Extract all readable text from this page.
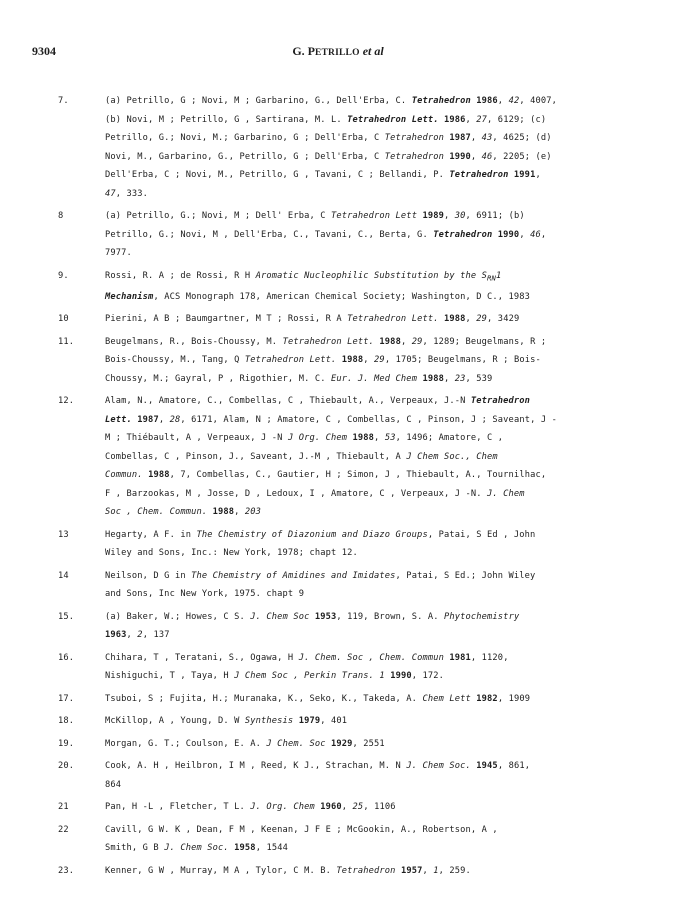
9304	G. PETRILLO et al
7.	(a) Petrillo, G ; Novi, M ; Garbarino, G., Dell'Erba, C. Tetrahedron 1986, 42, 4007,
(b) Novi, M ; Petrillo, G , Sartirana, M. L. Tetrahedron Lett. 1986, 27, 6129; (c)
Petrillo, G.; Novi, M.; Garbarino, G ; Dell'Erba, C Tetrahedron 1987, 43, 4625; (d)
Novi, M., Garbarino, G., Petrillo, G ; Dell'Erba, C Tetrahedron 1990, 46, 2205; (e)
Dell'Erba, C ; Novi, M., Petrillo, G , Tavani, C ; Bellandi, P. Tetrahedron 1991,
47, 333.
8	(a) Petrillo, G.; Novi, M ; Dell' Erba, C Tetrahedron Lett 1989, 30, 6911; (b)
Petrillo, G.; Novi, M , Dell'Erba, C., Tavani, C., Berta, G. Tetrahedron 1990, 46,
7977.
9.	Rossi, R. A ; de Rossi, R H Aromatic Nucleophilic Substitution by the $S_{RN}1$
Mechanism, ACS Monograph 178, American Chemical Society; Washington, D C., 1983
10	Pierini, A B ; Baumgartner, M T ; Rossi, R A Tetrahedron Lett. 1988, 29, 3429
11.	Beugelmans, R., Bois-Choussy, M. Tetrahedron Lett. 1988, 29, 1289; Beugelmans, R ;
Bois-Choussy, M., Tang, Q Tetrahedron Lett. 1988, 29, 1705; Beugelmans, R ; Bois-
Choussy, M.; Gayral, P , Rigothier, M. C. Eur. J. Med Chem 1988, 23, 539
12.	Alam, N., Amatore, C., Combellas, C , Thiebault, A., Verpeaux, J.-N Tetrahedron
Lett. 1987, 28, 6171, Alam, N ; Amatore, C , Combellas, C , Pinson, J ; Saveant, J -
M ; Thiébault, A , Verpeaux, J -N J Org. Chem 1988, 53, 1496; Amatore, C ,
Combellas, C , Pinson, J., Saveant, J.-M , Thiebault, A J Chem Soc., Chem
Commun. 1988, 7, Combellas, C., Gautier, H ; Simon, J , Thiebault, A., Tournilhac,
F , Barzookas, M , Josse, D , Ledoux, I , Amatore, C , Verpeaux, J -N. J. Chem
Soc , Chem. Commun. 1988, 203
13	Hegarty, A F. in The Chemistry of Diazonium and Diazo Groups, Patai, S Ed , John
Wiley and Sons, Inc.: New York, 1978; chapt 12.
14	Neilson, D G in The Chemistry of Amidines and Imidates, Patai, S Ed.; John Wiley
and Sons, Inc New York, 1975. chapt 9
15.	(a) Baker, W.; Howes, C S. J. Chem Soc 1953, 119, Brown, S. A. Phytochemistry
1963, 2, 137
16.	Chihara, T , Teratani, S., Ogawa, H J. Chem. Soc , Chem. Commun 1981, 1120,
Nishiguchi, T , Taya, H J Chem Soc , Perkin Trans. 1 1990, 172.
17.	Tsuboi, S ; Fujita, H.; Muranaka, K., Seko, K., Takeda, A. Chem Lett 1982, 1909
18.	McKillop, A , Young, D. W Synthesis 1979, 401
19.	Morgan, G. T.; Coulson, E. A. J Chem. Soc 1929, 2551
20.	Cook, A. H , Heilbron, I M , Reed, K J., Strachan, M. N J. Chem Soc. 1945, 861,
864
21	Pan, H -L , Fletcher, T L. J. Org. Chem 1960, 25, 1106
22	Cavill, G W. K , Dean, F M , Keenan, J F E ; McGookin, A., Robertson, A ,
Smith, G B J. Chem Soc. 1958, 1544
23.	Kenner, G W , Murray, M A , Tylor, C M. B. Tetrahedron 1957, 1, 259.
